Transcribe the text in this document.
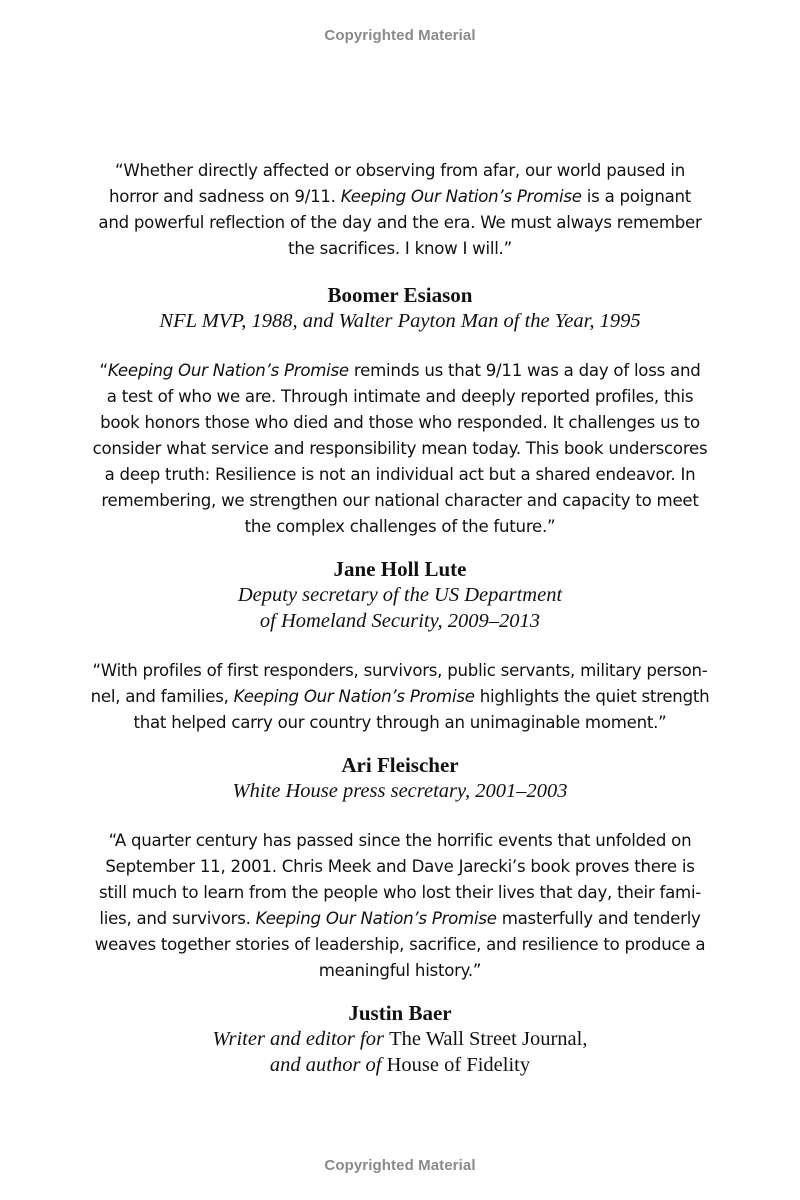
Copyrighted Material
“Whether directly affected or observing from afar, our world paused in
horror and sadness on 9/11. Keeping Our Nation’s Promise is a poignant
and powerful reflection of the day and the era. We must always remember
the sacrifices. I know I will.”
Boomer Esiason
NFL MVP, 1988, and Walter Payton Man of the Year, 1995
“Keeping Our Nation’s Promise reminds us that 9/11 was a day of loss and
a test of who we are. Through intimate and deeply reported profiles, this
book honors those who died and those who responded. It challenges us to
consider what service and responsibility mean today. This book underscores
a deep truth: Resilience is not an individual act but a shared endeavor. In
remembering, we strengthen our national character and capacity to meet
the complex challenges of the future.”
Jane Holl Lute
Deputy secretary of the US Department
of Homeland Security, 2009–2013
“With profiles of first responders, survivors, public servants, military person-
nel, and families, Keeping Our Nation’s Promise highlights the quiet strength
that helped carry our country through an unimaginable moment.”
Ari Fleischer
White House press secretary, 2001–2003
“A quarter century has passed since the horrific events that unfolded on
September 11, 2001. Chris Meek and Dave Jarecki’s book proves there is
still much to learn from the people who lost their lives that day, their fami-
lies, and survivors. Keeping Our Nation’s Promise masterfully and tenderly
weaves together stories of leadership, sacrifice, and resilience to produce a
meaningful history.”
Justin Baer
Writer and editor for The Wall Street Journal,
and author of House of Fidelity
Copyrighted Material
